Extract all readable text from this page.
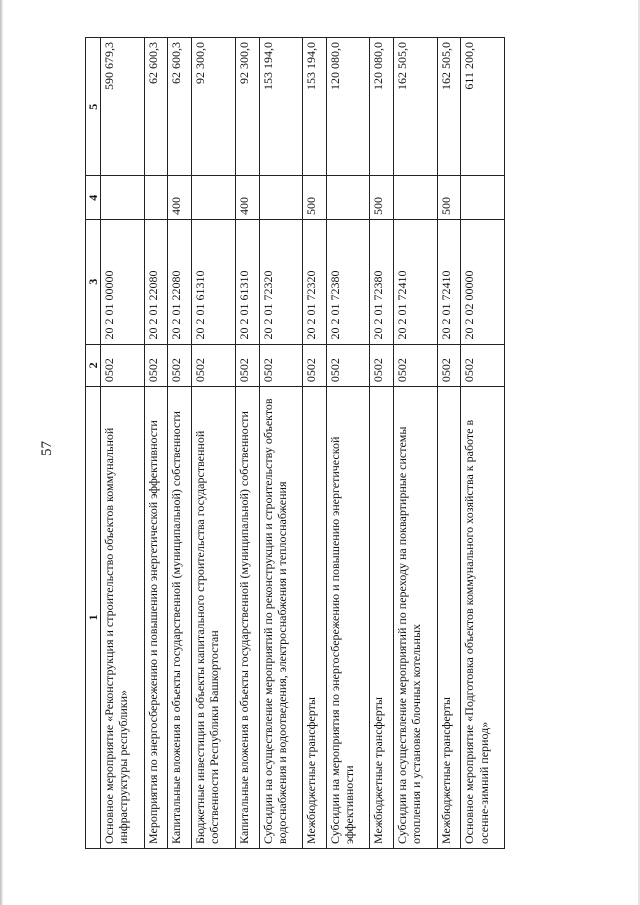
57
1	2	3	4	5
Основное мероприятие «Реконструкция и строительство объектов коммунальной инфраструктуры республики»	0502	20 2 01 00000		590 679,3
Мероприятия по энергосбережению и повышению энергетической эффективности	0502	20 2 01 22080		62 600,3
Капитальные вложения в объекты государственной (муниципальной) собственности	0502	20 2 01 22080	400	62 600,3
Бюджетные инвестиции в объекты капитального строительства государственной собственности Республики Башкортостан	0502	20 2 01 61310		92 300,0
Капитальные вложения в объекты государственной (муниципальной) собственности	0502	20 2 01 61310	400	92 300,0
Субсидии на осуществление мероприятий по реконструкции и строительству объектов водоснабжения и водоотведения, электроснабжения и теплоснабжения	0502	20 2 01 72320		153 194,0
Межбюджетные трансферты	0502	20 2 01 72320	500	153 194,0
Субсидии на мероприятия по энергосбережению и повышению энергетической эффективности	0502	20 2 01 72380		120 080,0
Межбюджетные трансферты	0502	20 2 01 72380	500	120 080,0
Субсидии на осуществление мероприятий по переходу на поквартирные системы отопления и установке блочных котельных	0502	20 2 01 72410		162 505,0
Межбюджетные трансферты	0502	20 2 01 72410	500	162 505,0
Основное мероприятие «Подготовка объектов коммунального хозяйства к работе в осенне-зимний период»	0502	20 2 02 00000		611 200,0
